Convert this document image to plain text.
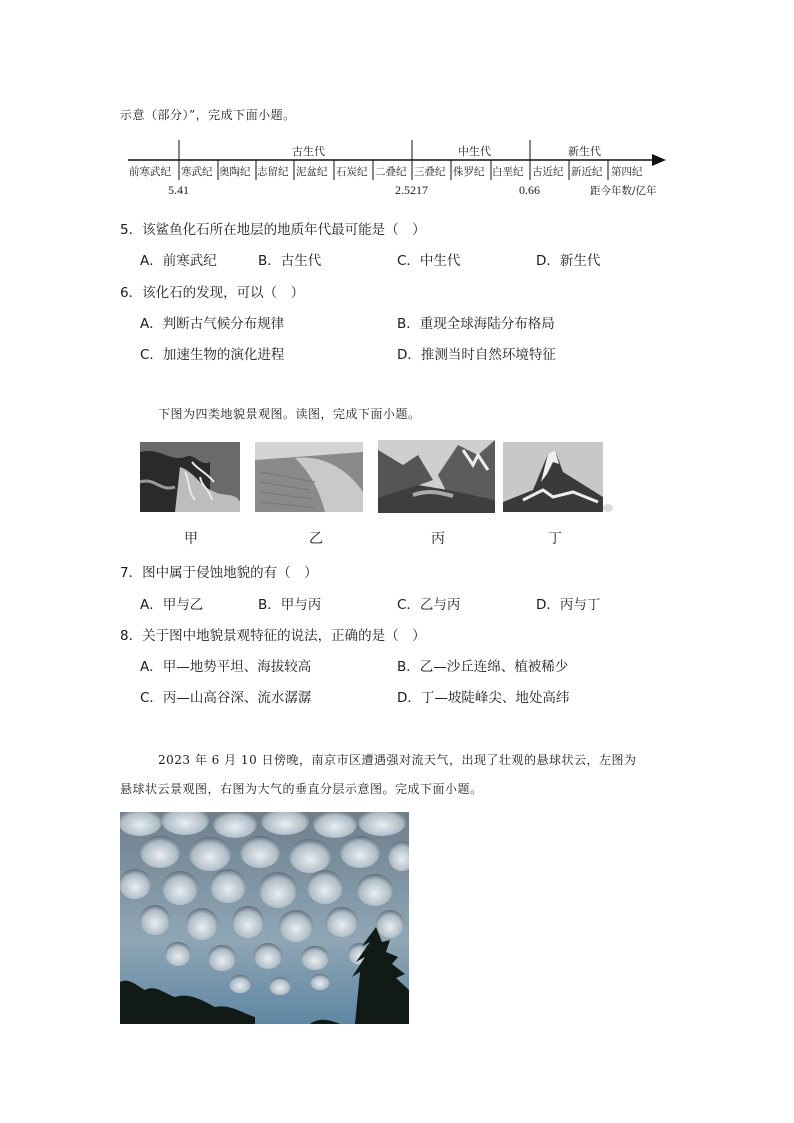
示意（部分）”，完成下面小题。
古生代	中生代	新生代
前寒武纪 寒武纪 奥陶纪 志留纪 泥盆纪 石炭纪 二叠纪 三叠纪 侏罗纪 白垩纪 古近纪 新近纪 第四纪
5.41	2.5217	0.66	距今年数/亿年
5．该鲨鱼化石所在地层的地质年代最可能是（　）
A．前寒武纪	B．古生代	C．中生代	D．新生代
6．该化石的发现，可以（　）
A．判断古气候分布规律	B．重现全球海陆分布格局
C．加速生物的演化进程	D．推测当时自然环境特征
下图为四类地貌景观图。读图，完成下面小题。
甲	乙	丙	丁
7．图中属于侵蚀地貌的有（　）
A．甲与乙	B．甲与丙	C．乙与丙	D．丙与丁
8．关于图中地貌景观特征的说法，正确的是（　）
A．甲—地势平坦、海拔较高	B．乙—沙丘连绵、植被稀少
C．丙—山高谷深、流水潺潺	D．丁—坡陡峰尖、地处高纬
2023 年 6 月 10 日傍晚，南京市区遭遇强对流天气，出现了壮观的悬球状云，左图为
悬球状云景观图，右图为大气的垂直分层示意图。完成下面小题。
